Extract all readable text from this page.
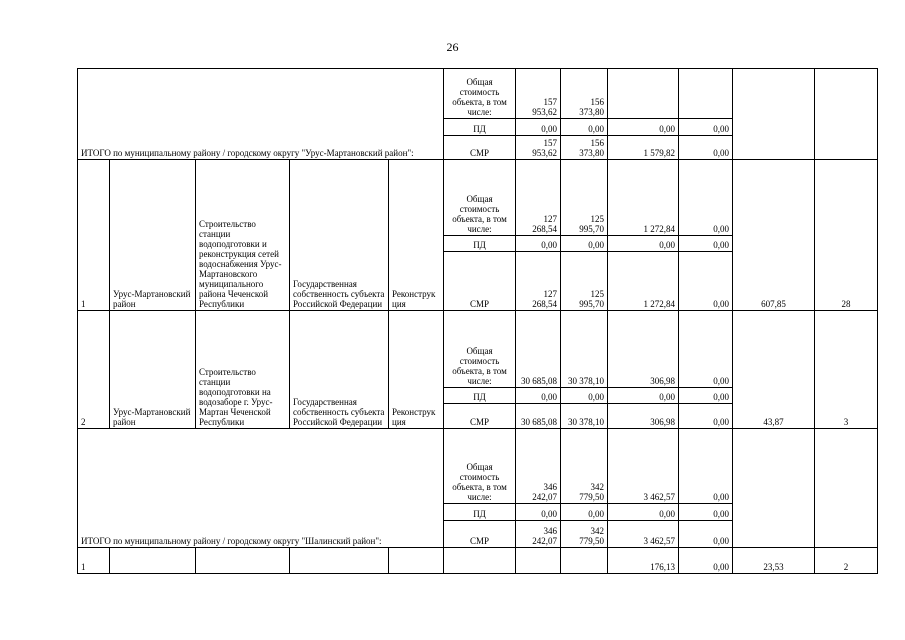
26
ИТОГО по муниципальному району / городскому округу "Урус-Мартановский район":					Общая стоимость объекта, в том числе:	157 953,62	156 373,80				
					ПД	0,00	0,00	0,00	0,00		
					СМР	157 953,62	156 373,80	1 579,82	0,00		
1	Урус-Мартановский район	Строительство станции водоподготовки и реконструкция сетей водоснабжения Урус-Мартановского муниципального района Чеченской Республики	Государственная собственность субъекта Российской Федерации	Реконструкция	Общая стоимость объекта, в том числе:	127 268,54	125 995,70	1 272,84	0,00	607,85	28
					ПД	0,00	0,00	0,00	0,00		
					СМР	127 268,54	125 995,70	1 272,84	0,00		
2	Урус-Мартановский район	Строительство станции водоподготовки на водозаборе г. Урус-Мартан Чеченской Республики	Государственная собственность субъекта Российской Федерации	Реконструкция	Общая стоимость объекта, в том числе:	30 685,08	30 378,10	306,98	0,00	43,87	3
					ПД	0,00	0,00	0,00	0,00		
					СМР	30 685,08	30 378,10	306,98	0,00		
ИТОГО по муниципальному району / городскому округу "Шалинский район":					Общая стоимость объекта, в том числе:	346 242,07	342 779,50	3 462,57	0,00		
					ПД	0,00	0,00	0,00	0,00		
					СМР	346 242,07	342 779,50	3 462,57	0,00		
1								176,13	0,00	23,53	2
